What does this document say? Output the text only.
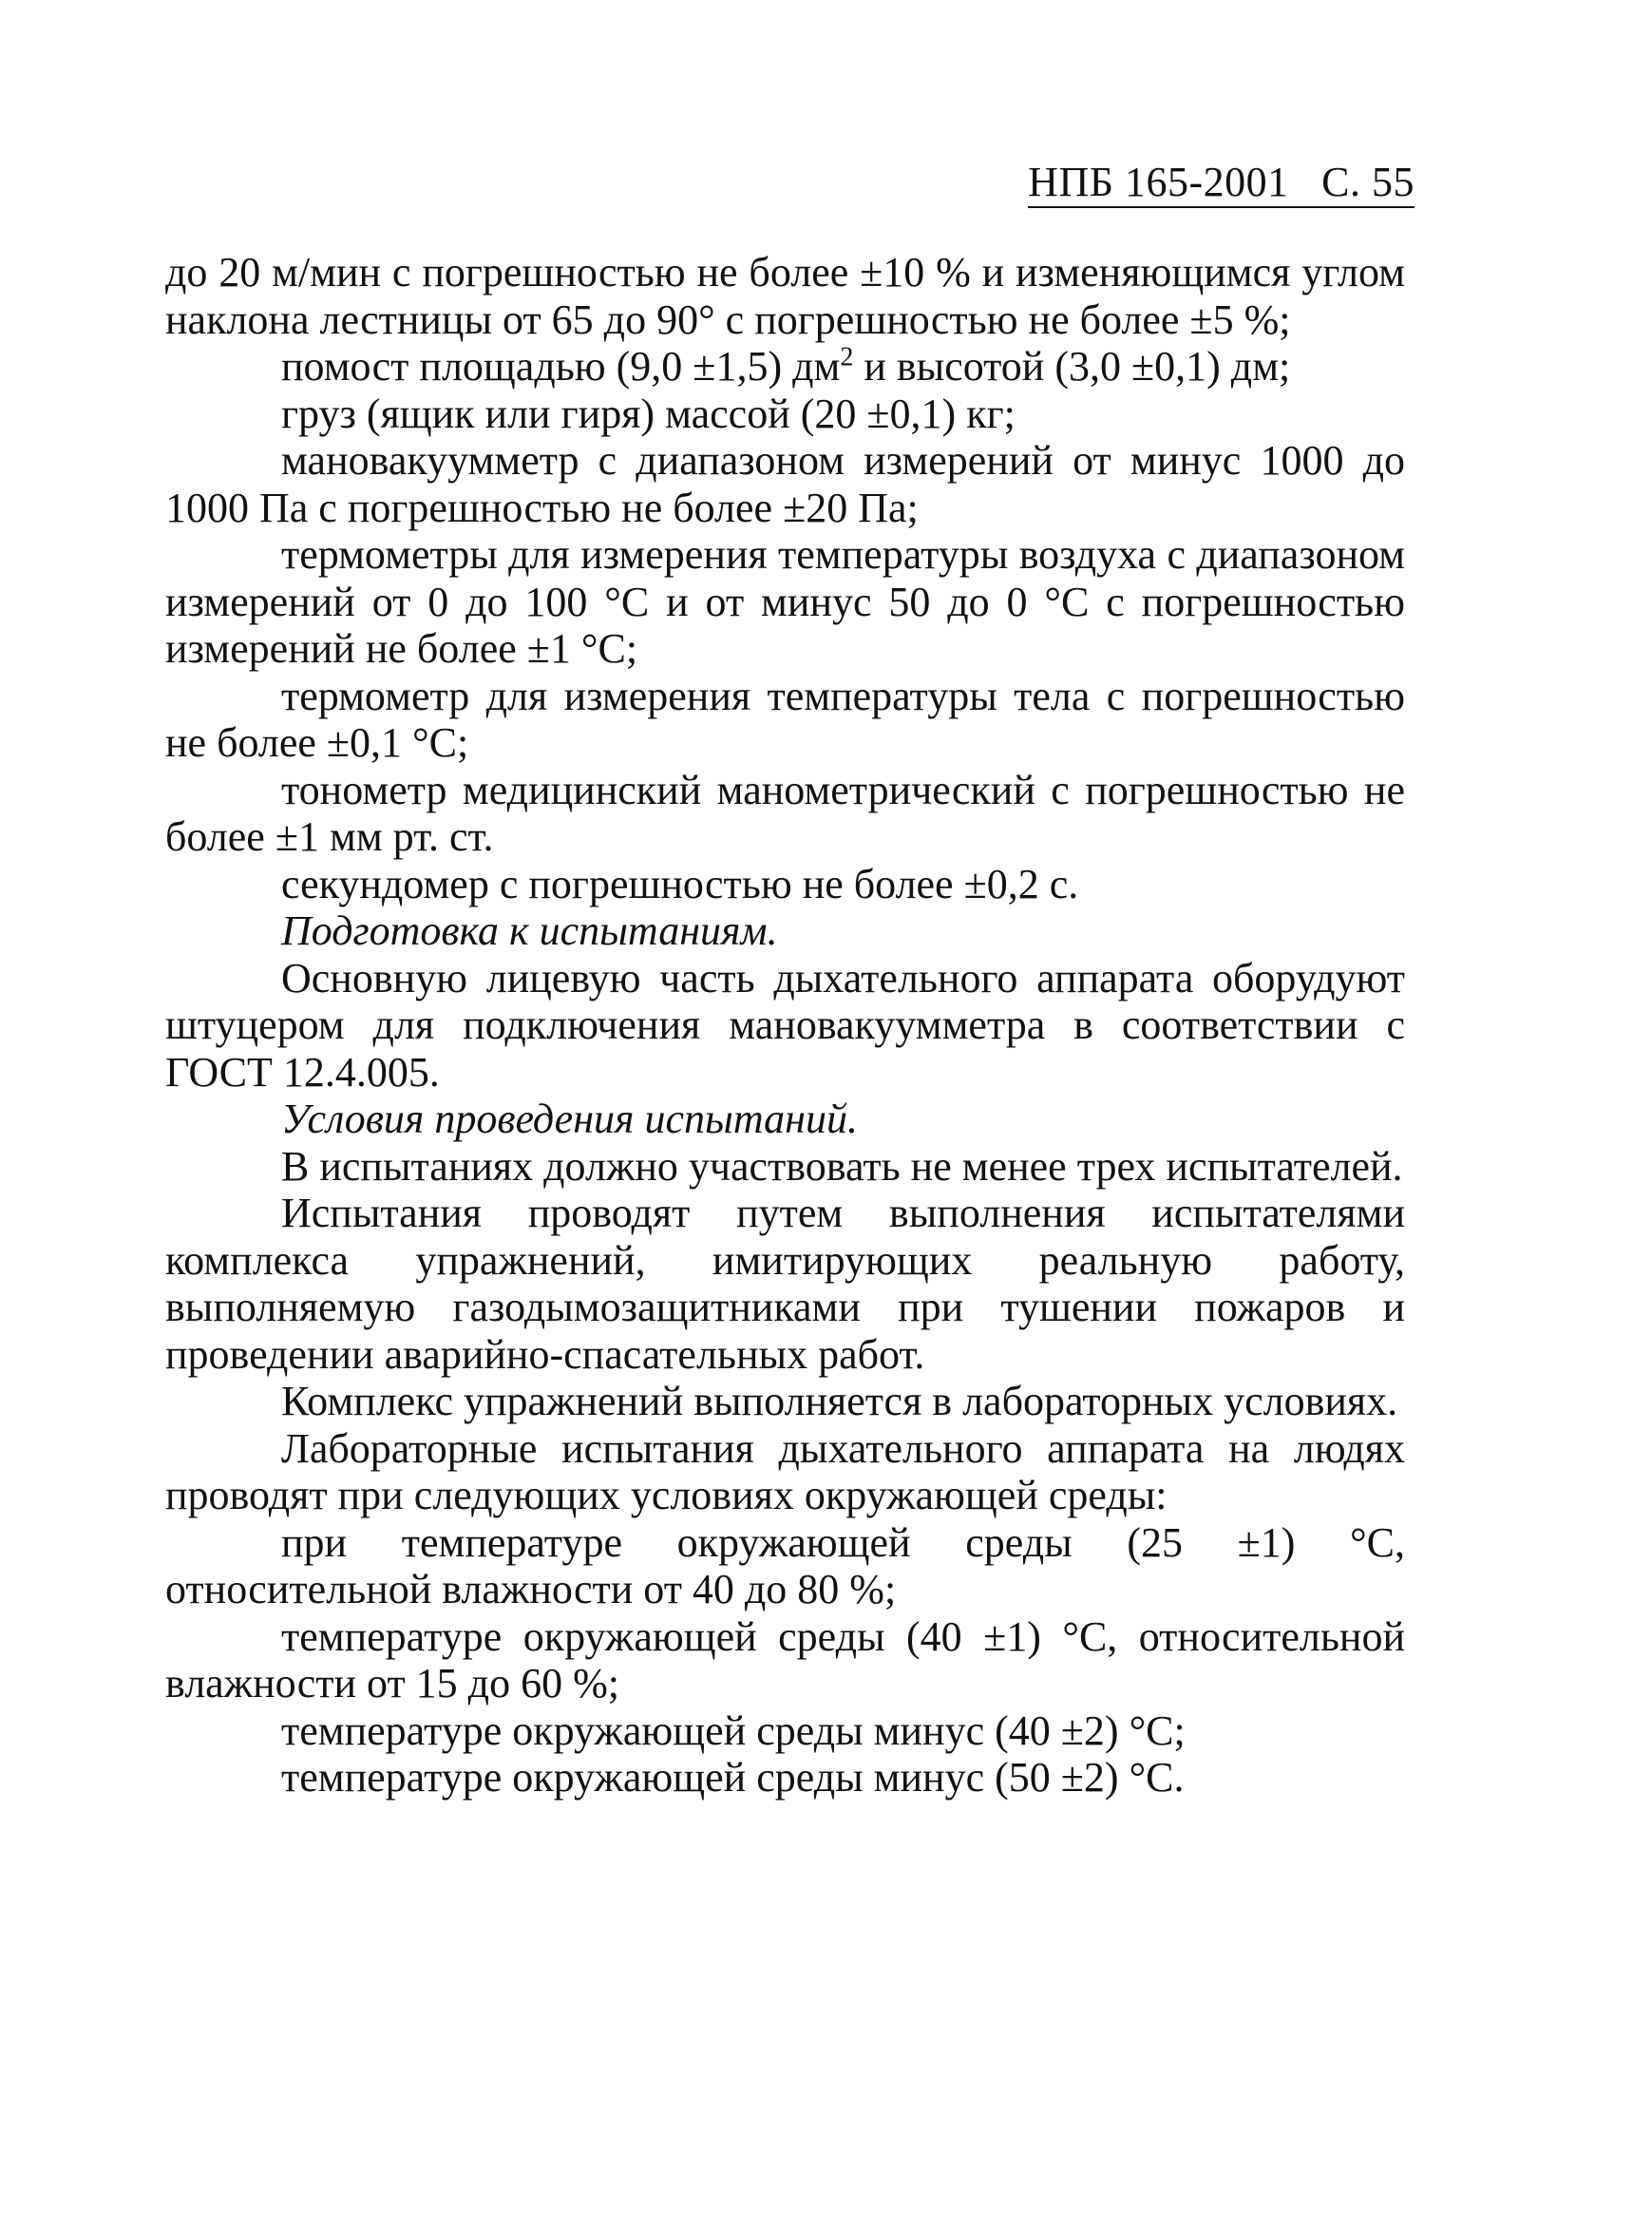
НПБ 165-2001   С. 55

до 20 м/мин с погрешностью не более ±10 % и изменяющимся углом наклона лестницы от 65 до 90° с погрешностью не более ±5 %;

помост площадью (9,0 ±1,5) $дм^2$ и высотой (3,0 ±0,1) дм;

груз (ящик или гиря) массой (20 ±0,1) кг;

мановакуумметр с диапазоном измерений от минус 1000 до 1000 Па с погрешностью не более ±20 Па;

термометры для измерения температуры воздуха с диапазоном измерений от 0 до 100 °С и от минус 50 до 0 °С с погрешностью измерений не более ±1 °С;

термометр для измерения температуры тела с погрешностью не более ±0,1 °С;

тонометр медицинский манометрический с погрешностью не более ±1 мм рт. ст.

секундомер с погрешностью не более ±0,2 с.

Подготовка к испытаниям.

Основную лицевую часть дыхательного аппарата оборудуют штуцером для подключения мановакуумметра в соответствии с ГОСТ 12.4.005.

Условия проведения испытаний.

В испытаниях должно участвовать не менее трех испытателей.

Испытания проводят путем выполнения испытателями комплекса упражнений, имитирующих реальную работу, выполняемую газодымозащитниками при тушении пожаров и проведении аварийно-спасательных работ.

Комплекс упражнений выполняется в лабораторных условиях.

Лабораторные испытания дыхательного аппарата на людях проводят при следующих условиях окружающей среды:

при температуре окружающей среды (25 ±1) °С, относительной влажности от 40 до 80 %;

температуре окружающей среды (40 ±1) °С, относительной влажности от 15 до 60 %;

температуре окружающей среды минус (40 ±2) °С;

температуре окружающей среды минус (50 ±2) °С.
